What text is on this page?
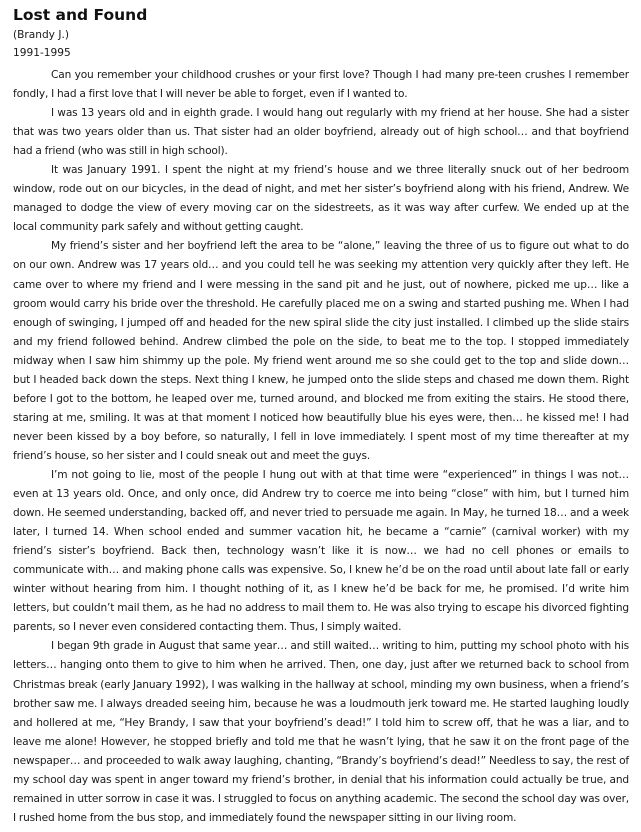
Lost and Found

(Brandy J.)

1991-1995

Can you remember your childhood crushes or your first love? Though I had many pre-teen crushes I remember fondly, I had a first love that I will never be able to forget, even if I wanted to.

I was 13 years old and in eighth grade. I would hang out regularly with my friend at her house. She had a sister that was two years older than us. That sister had an older boyfriend, already out of high school… and that boyfriend had a friend (who was still in high school).

It was January 1991. I spent the night at my friend’s house and we three literally snuck out of her bedroom window, rode out on our bicycles, in the dead of night, and met her sister’s boyfriend along with his friend, Andrew. We managed to dodge the view of every moving car on the sidestreets, as it was way after curfew. We ended up at the local community park safely and without getting caught.

My friend’s sister and her boyfriend left the area to be “alone,” leaving the three of us to figure out what to do on our own. Andrew was 17 years old… and you could tell he was seeking my attention very quickly after they left. He came over to where my friend and I were messing in the sand pit and he just, out of nowhere, picked me up… like a groom would carry his bride over the threshold. He carefully placed me on a swing and started pushing me. When I had enough of swinging, I jumped off and headed for the new spiral slide the city just installed. I climbed up the slide stairs and my friend followed behind. Andrew climbed the pole on the side, to beat me to the top. I stopped immediately midway when I saw him shimmy up the pole. My friend went around me so she could get to the top and slide down… but I headed back down the steps. Next thing I knew, he jumped onto the slide steps and chased me down them. Right before I got to the bottom, he leaped over me, turned around, and blocked me from exiting the stairs. He stood there, staring at me, smiling. It was at that moment I noticed how beautifully blue his eyes were, then… he kissed me! I had never been kissed by a boy before, so naturally, I fell in love immediately. I spent most of my time thereafter at my friend’s house, so her sister and I could sneak out and meet the guys.

I’m not going to lie, most of the people I hung out with at that time were “experienced” in things I was not… even at 13 years old. Once, and only once, did Andrew try to coerce me into being “close” with him, but I turned him down. He seemed understanding, backed off, and never tried to persuade me again. In May, he turned 18… and a week later, I turned 14. When school ended and summer vacation hit, he became a “carnie” (carnival worker) with my friend’s sister’s boyfriend. Back then, technology wasn’t like it is now… we had no cell phones or emails to communicate with… and making phone calls was expensive. So, I knew he’d be on the road until about late fall or early winter without hearing from him. I thought nothing of it, as I knew he’d be back for me, he promised. I’d write him letters, but couldn’t mail them, as he had no address to mail them to. He was also trying to escape his divorced fighting parents, so I never even considered contacting them. Thus, I simply waited.

I began 9th grade in August that same year… and still waited… writing to him, putting my school photo with his letters… hanging onto them to give to him when he arrived. Then, one day, just after we returned back to school from Christmas break (early January 1992), I was walking in the hallway at school, minding my own business, when a friend’s brother saw me. I always dreaded seeing him, because he was a loudmouth jerk toward me. He started laughing loudly and hollered at me, “Hey Brandy, I saw that your boyfriend’s dead!” I told him to screw off, that he was a liar, and to leave me alone! However, he stopped briefly and told me that he wasn’t lying, that he saw it on the front page of the newspaper… and proceeded to walk away laughing, chanting, “Brandy’s boyfriend’s dead!” Needless to say, the rest of my school day was spent in anger toward my friend’s brother, in denial that his information could actually be true, and remained in utter sorrow in case it was. I struggled to focus on anything academic. The second the school day was over, I rushed home from the bus stop, and immediately found the newspaper sitting in our living room.
